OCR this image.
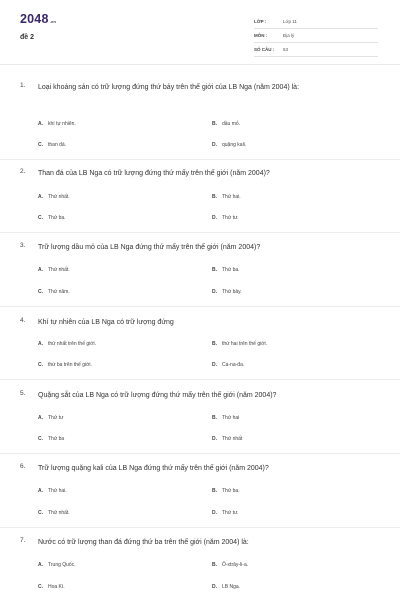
2048.vn
đề 2
LỚP :	Lớp 11
MÔN :	Địa lý
SỐ CÂU : 53
1. Loại khoáng sản có trữ lượng đứng thứ bảy trên thế giới của LB Nga (năm 2004) là:
A. khí tự nhiên.	B. dầu mỏ.
C. than đá.	D. quặng kali.
2. Than đá của LB Nga có trữ lượng đứng thứ mấy trên thế giới (năm 2004)?
A. Thứ nhất.	B. Thứ hai.
C. Thứ ba.	D. Thứ tư.
3. Trữ lượng dầu mỏ của LB Nga đứng thứ mấy trên thế giới (năm 2004)?
A. Thứ nhất.	B. Thứ ba.
C. Thứ năm.	D. Thứ bảy.
4. Khí tự nhiên của LB Nga có trữ lượng đứng
A. thứ nhất trên thế giới.	B. thứ hai trên thế giới.
C. thứ ba trên thế giới.	D. Ca-na-đa.
5. Quặng sắt của LB Nga có trữ lượng đứng thứ mấy trên thế giới (năm 2004)?
A. Thứ tư	B. Thứ hai
C. Thứ ba	D. Thứ nhất
6. Trữ lượng quặng kali của LB Nga đứng thứ mấy trên thế giới (năm 2004)?
A. Thứ hai.	B. Thứ ba.
C. Thứ nhất.	D. Thứ tư.
7. Nước có trữ lượng than đá đứng thứ ba trên thế giới (năm 2004) là:
A. Trung Quốc.	B. Ô-xtrây-li-a.
C. Hoa Kì.	D. LB Nga.
